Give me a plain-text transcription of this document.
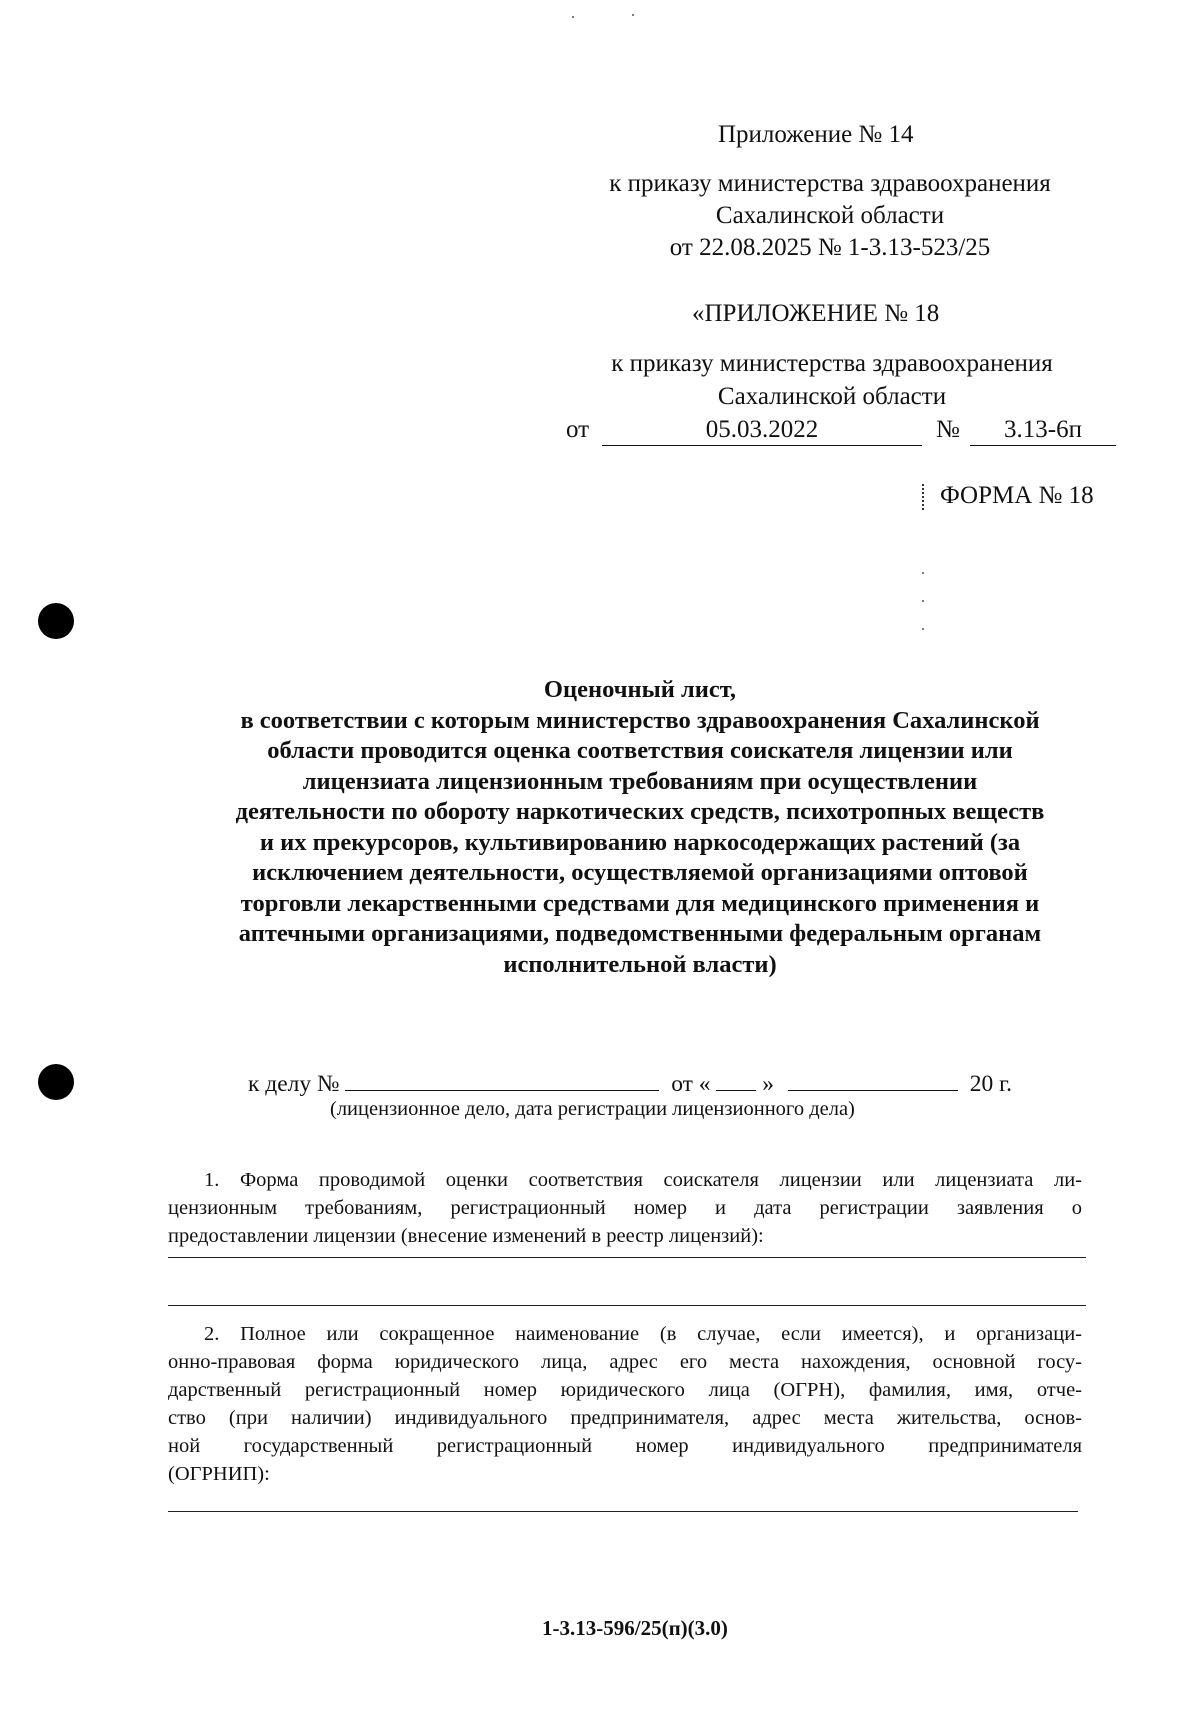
Приложение № 14
к приказу министерства здравоохранения
Сахалинской области
от 22.08.2025 № 1-3.13-523/25
«ПРИЛОЖЕНИЕ № 18
к приказу министерства здравоохранения
Сахалинской области
от	05.03.2022	№	3.13-6п
ФОРМА № 18
Оценочный лист,
в соответствии с которым министерство здравоохранения Сахалинской
области проводится оценка соответствия соискателя лицензии или
лицензиата лицензионным требованиям при осуществлении
деятельности по обороту наркотических средств, психотропных веществ
и их прекурсоров, культивированию наркосодержащих растений (за
исключением деятельности, осуществляемой организациями оптовой
торговли лекарственными средствами для медицинского применения и
аптечными организациями, подведомственными федеральным органам
исполнительной власти)
к делу №	от « »	20 г.
(лицензионное дело, дата регистрации лицензионного дела)
1. Форма проводимой оценки соответствия соискателя лицензии или лицензиата ли-
цензионным требованиям, регистрационный номер и дата регистрации заявления о
предоставлении лицензии (внесение изменений в реестр лицензий):
2. Полное или сокращенное наименование (в случае, если имеется), и организаци-
онно-правовая форма юридического лица, адрес его места нахождения, основной госу-
дарственный регистрационный номер юридического лица (ОГРН), фамилия, имя, отче-
ство (при наличии) индивидуального предпринимателя, адрес места жительства, основ-
ной государственный регистрационный номер индивидуального предпринимателя
(ОГРНИП):
1-3.13-596/25(п)(3.0)
